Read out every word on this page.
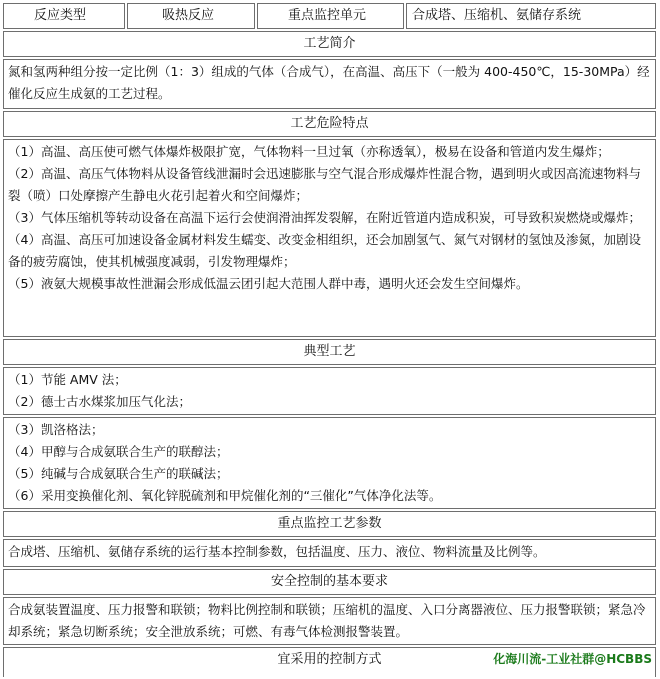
反应类型	吸热反应	重点监控单元	合成塔、压缩机、氨储存系统
工艺简介

氮和氢两种组分按一定比例（1：3）组成的气体（合成气），在高温、高压下（一般为 400-450℃，15-30MPa）经催化反应生成氨的工艺过程。

工艺危险特点

（1）高温、高压使可燃气体爆炸极限扩宽，气体物料一旦过氧（亦称透氧），极易在设备和管道内发生爆炸；

（2）高温、高压气体物料从设备管线泄漏时会迅速膨胀与空气混合形成爆炸性混合物，遇到明火或因高流速物料与裂（喷）口处摩擦产生静电火花引起着火和空间爆炸；

（3）气体压缩机等转动设备在高温下运行会使润滑油挥发裂解，在附近管道内造成积炭，可导致积炭燃烧或爆炸；

（4）高温、高压可加速设备金属材料发生蠕变、改变金相组织，还会加剧氢气、氮气对钢材的氢蚀及渗氮，加剧设备的疲劳腐蚀，使其机械强度减弱，引发物理爆炸；

（5）液氨大规模事故性泄漏会形成低温云团引起大范围人群中毒，遇明火还会发生空间爆炸。

典型工艺

（1）节能 AMV 法；

（2）德士古水煤浆加压气化法；

（3）凯洛格法；

（4）甲醇与合成氨联合生产的联醇法；

（5）纯碱与合成氨联合生产的联碱法；

（6）采用变换催化剂、氧化锌脱硫剂和甲烷催化剂的“三催化”气体净化法等。

重点监控工艺参数

合成塔、压缩机、氨储存系统的运行基本控制参数，包括温度、压力、液位、物料流量及比例等。

安全控制的基本要求

合成氨装置温度、压力报警和联锁；物料比例控制和联锁；压缩机的温度、入口分离器液位、压力报警联锁；紧急冷却系统；紧急切断系统；安全泄放系统；可燃、有毒气体检测报警装置。

宜采用的控制方式	化海川流-工业社群@HCBBS
